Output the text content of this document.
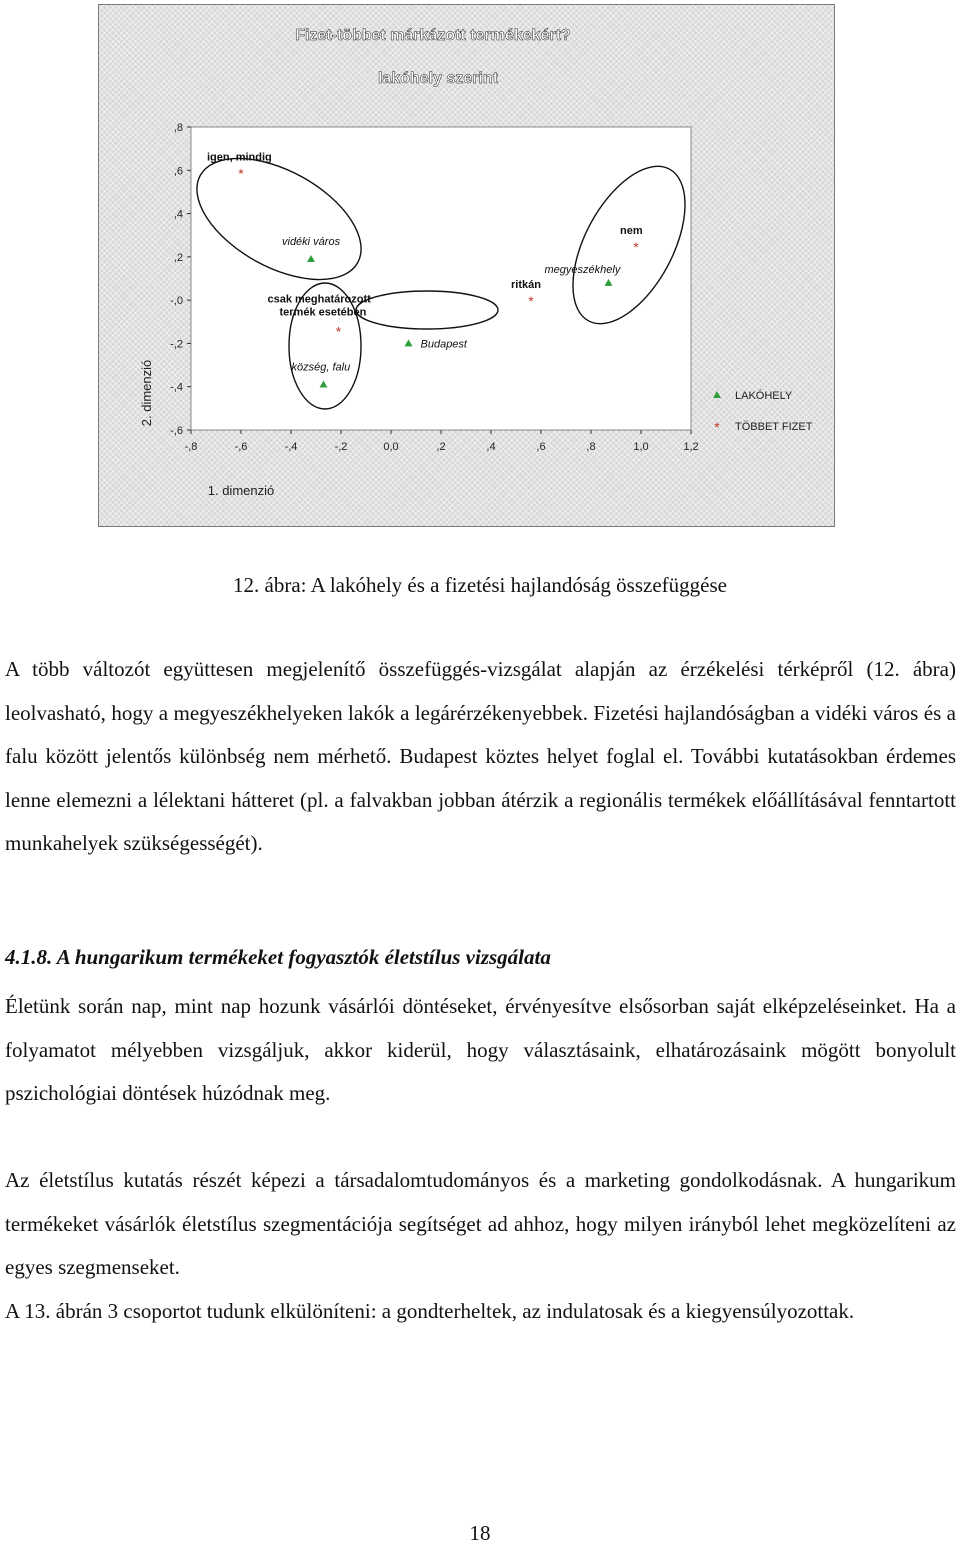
Fizet-többet márkázott termékekért?
lakóhely szerint
,8
,6
,4
,2
-,0
-,2
-,4
-,6
-,8	-,6	-,4	-,2	0,0	,2	,4	,6	,8	1,0	1,2
1. dimenzió
2. dimenzió
vidéki város
Budapest
község, falu
megyeszékhely
*
igen, mindig
*
csak meghatározott
termék esetében
*
ritkán
*
nem
LAKÓHELY
* TÖBBET FIZET
12. ábra: A lakóhely és a fizetési hajlandóság összefüggése

A több változót együttesen megjelenítő összefüggés-vizsgálat alapján az érzékelési térképről (12. ábra) leolvasható, hogy a megyeszékhelyeken lakók a legárérzékenyebbek. Fizetési hajlandóságban a vidéki város és a falu között jelentős különbség nem mérhető. Budapest köztes helyet foglal el. További kutatásokban érdemes lenne elemezni a lélektani hátteret (pl. a falvakban jobban átérzik a regionális termékek előállításával fenntartott munkahelyek szükségességét).

4.1.8. A hungarikum termékeket fogyasztók életstílus vizsgálata

Életünk során nap, mint nap hozunk vásárlói döntéseket, érvényesítve elsősorban saját elképzeléseinket. Ha a folyamatot mélyebben vizsgáljuk, akkor kiderül, hogy választásaink, elhatározásaink mögött bonyolult pszichológiai döntések húzódnak meg.

Az életstílus kutatás részét képezi a társadalomtudományos és a marketing gondolkodásnak. A hungarikum termékeket vásárlók életstílus szegmentációja segítséget ad ahhoz, hogy milyen irányból lehet megközelíteni az egyes szegmenseket.

A 13. ábrán 3 csoportot tudunk elkülöníteni: a gondterheltek, az indulatosak és a kiegyensúlyozottak.

18
